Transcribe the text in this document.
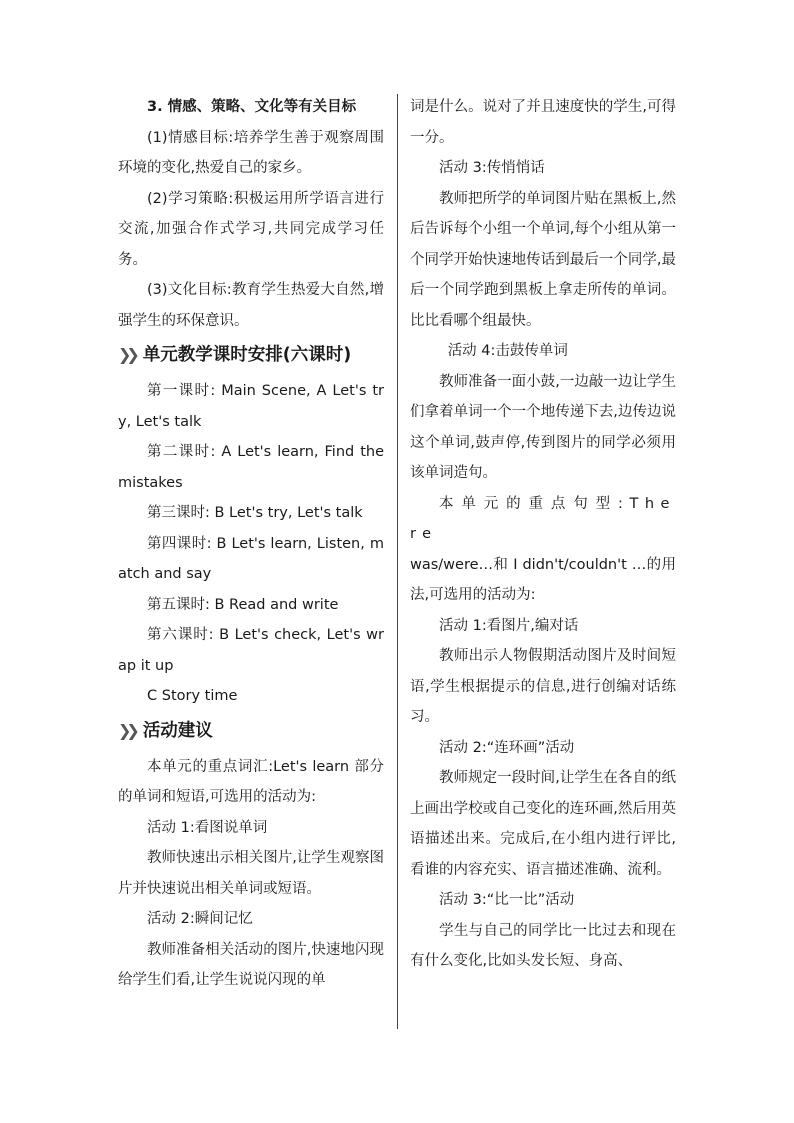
3. 情感、策略、文化等有关目标

(1)情感目标:培养学生善于观察周围环境的变化,热爱自己的家乡。

(2)学习策略:积极运用所学语言进行交流,加强合作式学习,共同完成学习任务。

(3)文化目标:教育学生热爱大自然,增强学生的环保意识。

❯❯ 单元教学课时安排(六课时)

第一课时: Main Scene, A Let's try, Let's talk

第二课时: A Let's learn, Find the mistakes

第三课时: B Let's try, Let's talk

第四课时: B Let's learn, Listen, match and say

第五课时: B Read and write

第六课时: B Let's check, Let's wrap it up

C Story time

❯❯ 活动建议

本单元的重点词汇:Let's learn 部分的单词和短语,可选用的活动为:

活动 1:看图说单词

教师快速出示相关图片,让学生观察图片并快速说出相关单词或短语。

活动 2:瞬间记忆

教师准备相关活动的图片,快速地闪现给学生们看,让学生说说闪现的单

词是什么。说对了并且速度快的学生,可得一分。

活动 3:传悄悄话

教师把所学的单词图片贴在黑板上,然后告诉每个小组一个单词,每个小组从第一个同学开始快速地传话到最后一个同学,最后一个同学跑到黑板上拿走所传的单词。比比看哪个组最快。

活动 4:击鼓传单词

教师准备一面小鼓,一边敲一边让学生们拿着单词一个一个地传递下去,边传边说这个单词,鼓声停,传到图片的同学必须用该单词造句。

本单元的重点句型:There

was/were…和 I didn't/couldn't …的用法,可选用的活动为:

活动 1:看图片,编对话

教师出示人物假期活动图片及时间短语,学生根据提示的信息,进行创编对话练习。

活动 2:“连环画”活动

教师规定一段时间,让学生在各自的纸上画出学校或自己变化的连环画,然后用英语描述出来。完成后,在小组内进行评比,看谁的内容充实、语言描述准确、流利。

活动 3:“比一比”活动

学生与自己的同学比一比过去和现在有什么变化,比如头发长短、身高、
